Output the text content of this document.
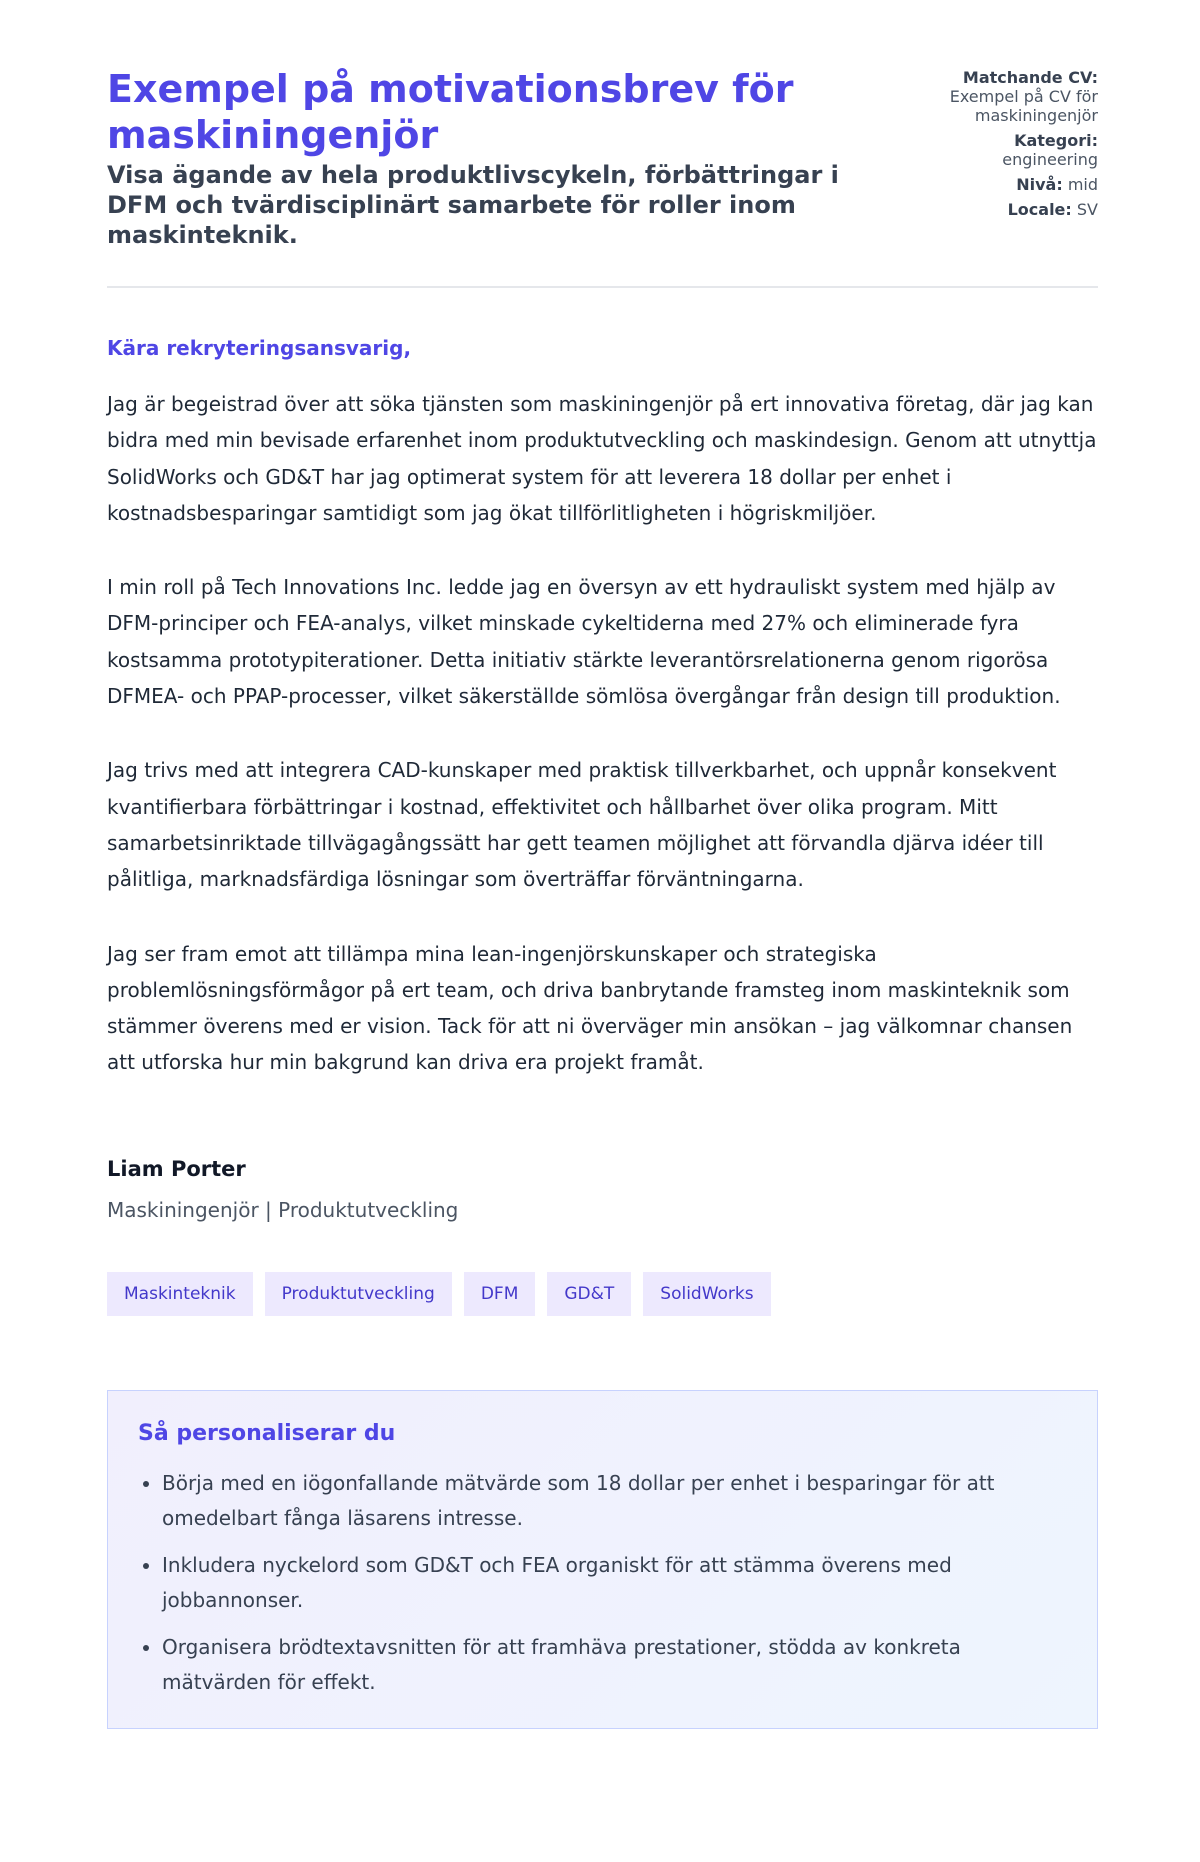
Exempel på motivationsbrev för maskiningenjör
Visa ägande av hela produktlivscykeln, förbättringar i DFM och tvärdisciplinärt samarbete för roller inom maskinteknik.
Matchande CV:
Exempel på CV för maskiningenjör
Kategori:
engineering
Nivå: mid
Locale: SV
Kära rekryteringsansvarig,
Jag är begeistrad över att söka tjänsten som maskiningenjör på ert innovativa företag, där jag kan bidra med min bevisade erfarenhet inom produktutveckling och maskindesign. Genom att utnyttja SolidWorks och GD&T har jag optimerat system för att leverera 18 dollar per enhet i kostnadsbesparingar samtidigt som jag ökat tillförlitligheten i högriskmiljöer.
I min roll på Tech Innovations Inc. ledde jag en översyn av ett hydrauliskt system med hjälp av DFM-principer och FEA-analys, vilket minskade cykeltiderna med 27% och eliminerade fyra kostsamma prototypiterationer. Detta initiativ stärkte leverantörsrelationerna genom rigorösa DFMEA- och PPAP-processer, vilket säkerställde sömlösa övergångar från design till produktion.
Jag trivs med att integrera CAD-kunskaper med praktisk tillverkbarhet, och uppnår konsekvent kvantifierbara förbättringar i kostnad, effektivitet och hållbarhet över olika program. Mitt samarbetsinriktade tillvägagångssätt har gett teamen möjlighet att förvandla djärva idéer till pålitliga, marknadsfärdiga lösningar som överträffar förväntningarna.
Jag ser fram emot att tillämpa mina lean-ingenjörskunskaper och strategiska problemlösningsförmågor på ert team, och driva banbrytande framsteg inom maskinteknik som stämmer överens med er vision. Tack för att ni överväger min ansökan – jag välkomnar chansen att utforska hur min bakgrund kan driva era projekt framåt.
Liam Porter
Maskiningenjör | Produktutveckling
Maskinteknik	Produktutveckling	DFM	GD&T	SolidWorks
Så personaliserar du
• Börja med en iögonfallande mätvärde som 18 dollar per enhet i besparingar för att omedelbart fånga läsarens intresse.
• Inkludera nyckelord som GD&T och FEA organiskt för att stämma överens med jobbannonser.
• Organisera brödtextavsnitten för att framhäva prestationer, stödda av konkreta mätvärden för effekt.
